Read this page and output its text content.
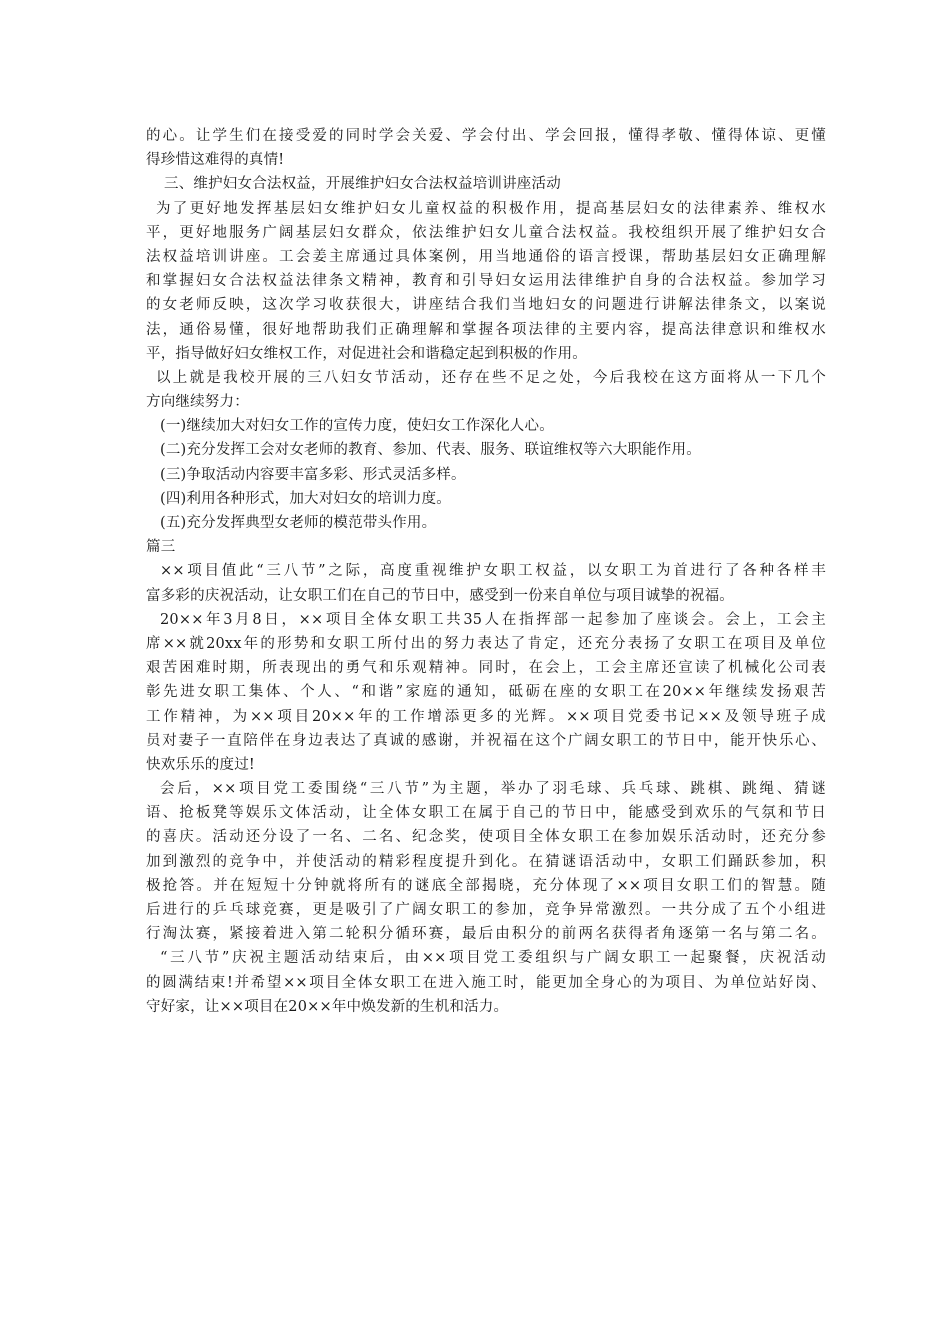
的心。让学生们在接受爱的同时学会关爱、学会付出、学会回报，懂得孝敬、懂得体谅、更懂
得珍惜这难得的真情!
三、维护妇女合法权益，开展维护妇女合法权益培训讲座活动
为了更好地发挥基层妇女维护妇女儿童权益的积极作用，提高基层妇女的法律素养、维权水
平，更好地服务广阔基层妇女群众，依法维护妇女儿童合法权益。我校组织开展了维护妇女合
法权益培训讲座。工会姜主席通过具体案例，用当地通俗的语言授课，帮助基层妇女正确理解
和掌握妇女合法权益法律条文精神，教育和引导妇女运用法律维护自身的合法权益。参加学习
的女老师反映，这次学习收获很大，讲座结合我们当地妇女的问题进行讲解法律条文，以案说
法，通俗易懂，很好地帮助我们正确理解和掌握各项法律的主要内容，提高法律意识和维权水
平，指导做好妇女维权工作，对促进社会和谐稳定起到积极的作用。
以上就是我校开展的三八妇女节活动，还存在些不足之处，今后我校在这方面将从一下几个
方向继续努力：
(一)继续加大对妇女工作的宣传力度，使妇女工作深化人心。
(二)充分发挥工会对女老师的教育、参加、代表、服务、联谊维权等六大职能作用。
(三)争取活动内容要丰富多彩、形式灵活多样。
(四)利用各种形式，加大对妇女的培训力度。
(五)充分发挥典型女老师的模范带头作用。
篇三
××项目值此“三八节”之际，高度重视维护女职工权益，以女职工为首进行了各种各样丰
富多彩的庆祝活动，让女职工们在自己的节日中，感受到一份来自单位与项目诚挚的祝福。
20××年3月8日，××项目全体女职工共35人在指挥部一起参加了座谈会。会上，工会主
席××就20xx年的形势和女职工所付出的努力表达了肯定，还充分表扬了女职工在项目及单位
艰苦困难时期，所表现出的勇气和乐观精神。同时，在会上，工会主席还宣读了机械化公司表
彰先进女职工集体、个人、“和谐”家庭的通知，砥砺在座的女职工在20××年继续发扬艰苦
工作精神，为××项目20××年的工作增添更多的光辉。××项目党委书记××及领导班子成
员对妻子一直陪伴在身边表达了真诚的感谢，并祝福在这个广阔女职工的节日中，能开快乐心、
快欢乐乐的度过!
会后，××项目党工委围绕“三八节”为主题，举办了羽毛球、兵乓球、跳棋、跳绳、猜谜
语、抢板凳等娱乐文体活动，让全体女职工在属于自己的节日中，能感受到欢乐的气氛和节日
的喜庆。活动还分设了一名、二名、纪念奖，使项目全体女职工在参加娱乐活动时，还充分参
加到激烈的竞争中，并使活动的精彩程度提升到化。在猜谜语活动中，女职工们踊跃参加，积
极抢答。并在短短十分钟就将所有的谜底全部揭晓，充分体现了××项目女职工们的智慧。随
后进行的乒乓球竞赛，更是吸引了广阔女职工的参加，竞争异常激烈。一共分成了五个小组进
行淘汰赛，紧接着进入第二轮积分循环赛，最后由积分的前两名获得者角逐第一名与第二名。
“三八节”庆祝主题活动结束后，由××项目党工委组织与广阔女职工一起聚餐，庆祝活动
的圆满结束!并希望××项目全体女职工在进入施工时，能更加全身心的为项目、为单位站好岗、
守好家，让××项目在20××年中焕发新的生机和活力。
